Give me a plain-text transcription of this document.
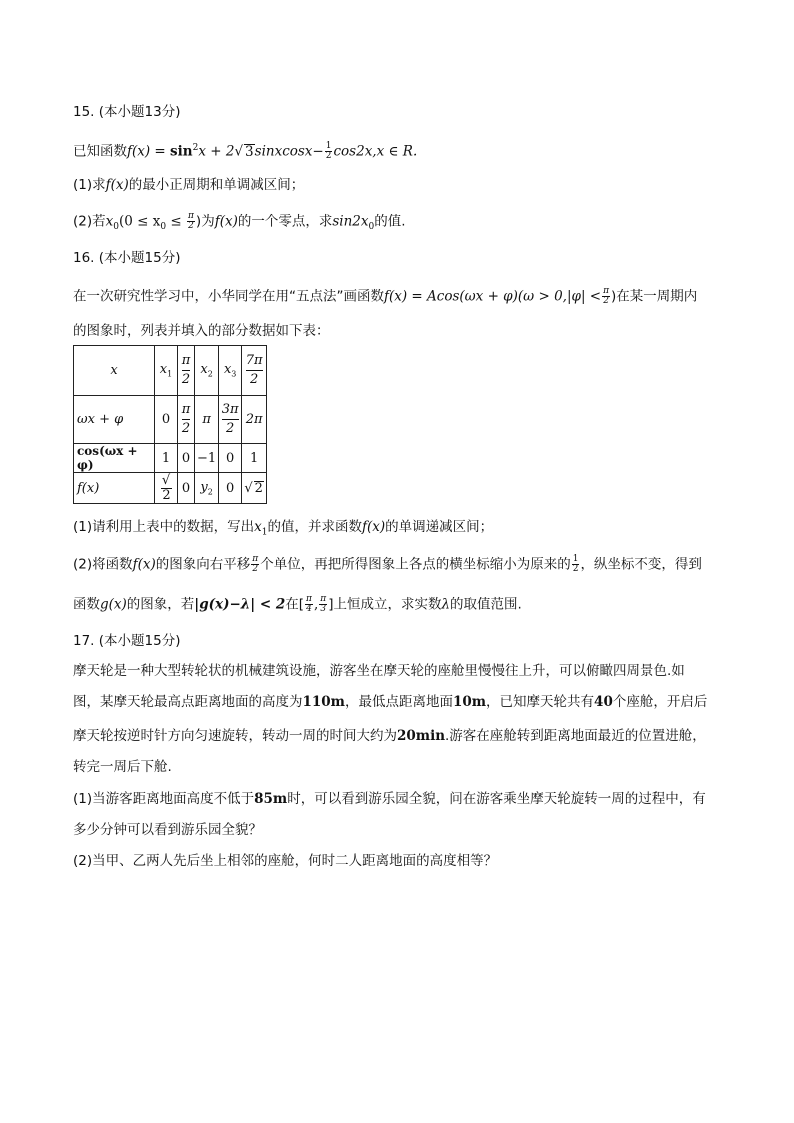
15. (本小题13分)
已知函数$f(x) = \sin^2x + 2√$ 3sinxcosx− $\frac{1}{2} \cos 2x,x$ ∈ R.
(1)求f(x)的最小正周期和单调减区间；
(2)若$x_0(0 \le x_0 \le \frac{\pi}{2}$ )为f(x)的一个零点，求$\sin 2x_0$的值.
16. (本小题15分)
在一次研究性学习中，小华同学在用“五点法”画函数$f(x) = Acos(\omega x + \varphi)(\omega > 0,|\varphi| < \frac{\pi}{2}$ )在某一周期内
的图象时，列表并填入的部分数据如下表：
x	$x_1$	$\frac{\pi}{2}$	$x_2$	$x_3$	$\frac{7\pi}{2}$

ωx + φ	0	$\frac{\pi}{2}$	π	$\frac{3\pi}{2}$	2π
cos(ωx + φ)	1	0	−1	0	1
f(x)	√2	0	$y_2$	0	√ 2
(1)请利用上表中的数据，写出$x_1$的值，并求函数f(x)的单调递减区间；
(2)将函数f(x)的图象向右平移 $\frac{\pi}{2}$ 个单位，再把所得图象上各点的横坐标缩小为原来的 $\frac{1}{2}$ ，纵坐标不变，得到
函数g(x)的图象，若|g(x)−λ| < 2在[ $\frac{\pi}{4}$ , $\frac{\pi}{3}$ ]上恒成立，求实数λ的取值范围.
17. (本小题15分)
摩天轮是一种大型转轮状的机械建筑设施，游客坐在摩天轮的座舱里慢慢往上升，可以俯瞰四周景色.如
图，某摩天轮最高点距离地面的高度为110m，最低点距离地面10m，已知摩天轮共有40个座舱，开启后
摩天轮按逆时针方向匀速旋转，转动一周的时间大约为20min.游客在座舱转到距离地面最近的位置进舱，
转完一周后下舱.
(1)当游客距离地面高度不低于85m时，可以看到游乐园全貌，问在游客乘坐摩天轮旋转一周的过程中，有
多少分钟可以看到游乐园全貌？
(2)当甲、乙两人先后坐上相邻的座舱，何时二人距离地面的高度相等？
